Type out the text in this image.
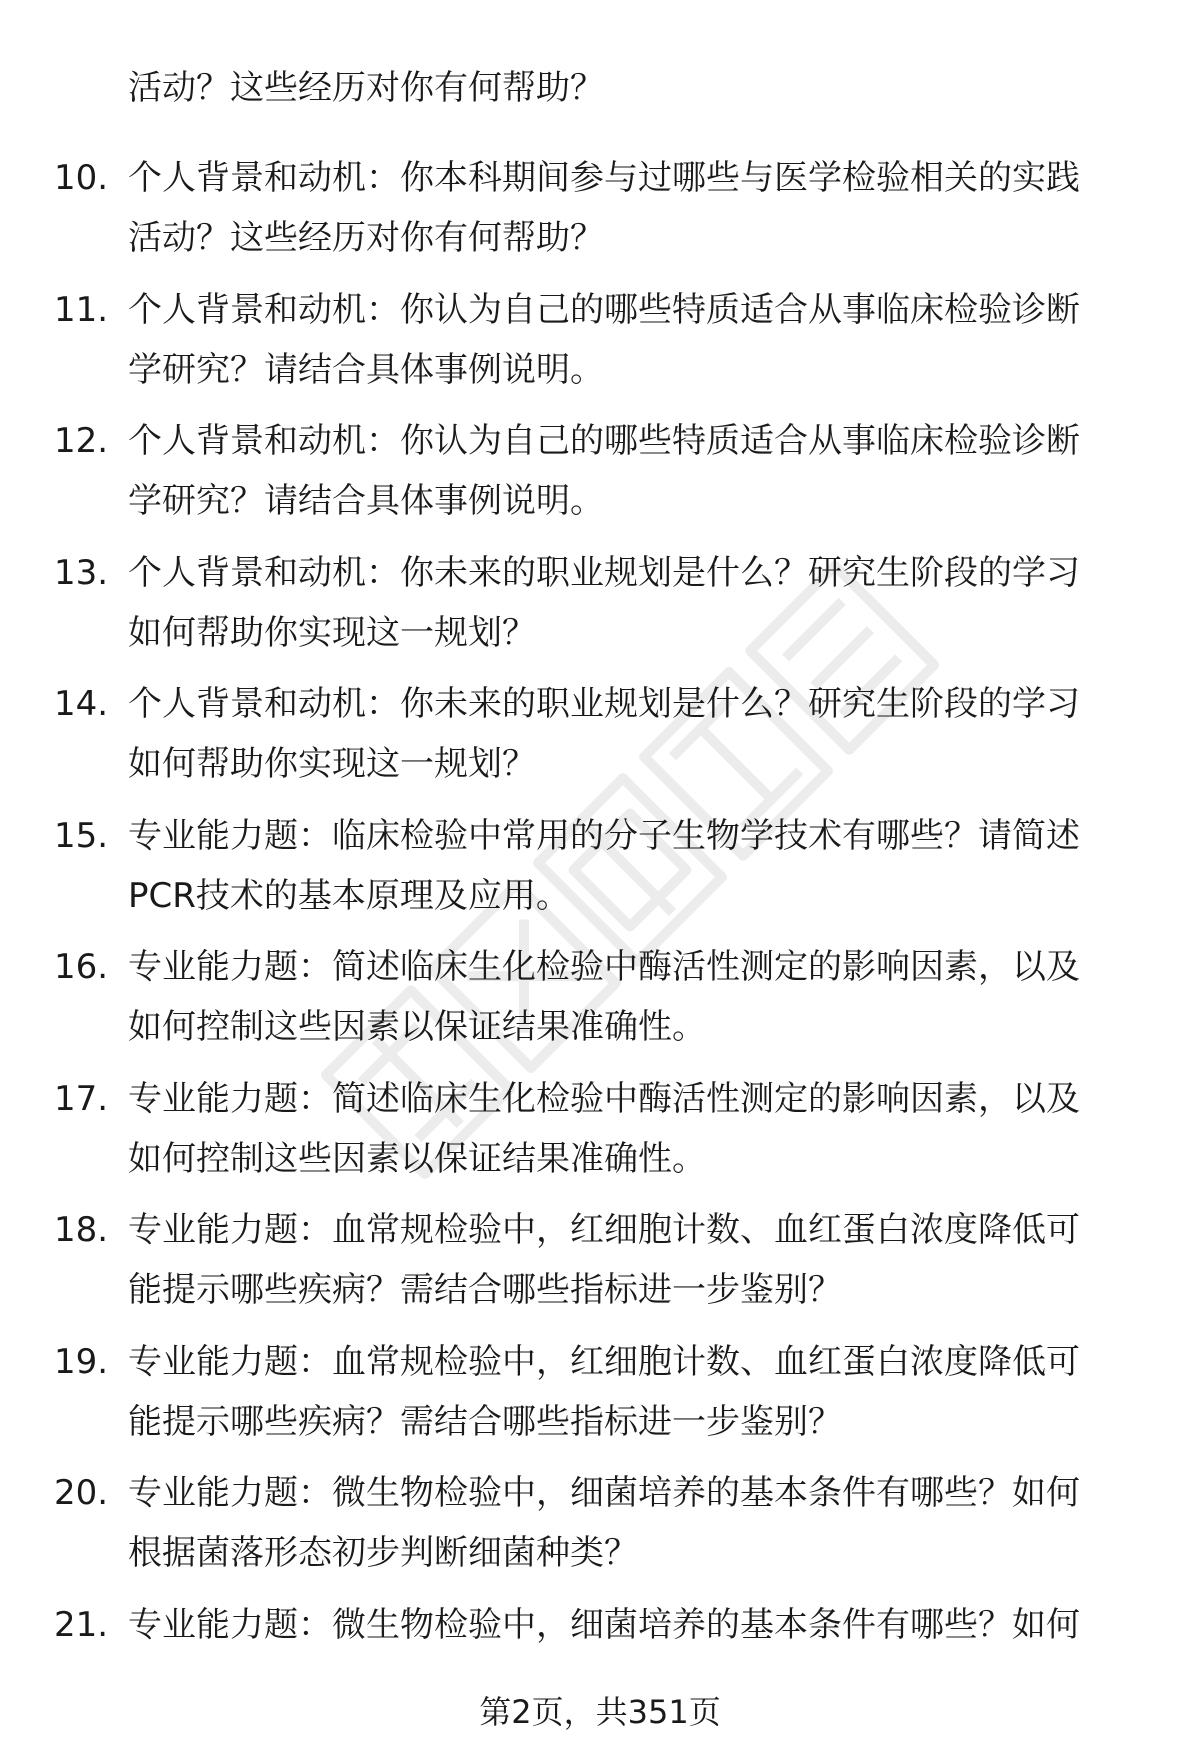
活动？这些经历对你有何帮助？
10. 个人背景和动机：你本科期间参与过哪些与医学检验相关的实践
活动？这些经历对你有何帮助？
11. 个人背景和动机：你认为自己的哪些特质适合从事临床检验诊断
学研究？请结合具体事例说明。
12. 个人背景和动机：你认为自己的哪些特质适合从事临床检验诊断
学研究？请结合具体事例说明。
13. 个人背景和动机：你未来的职业规划是什么？研究生阶段的学习
如何帮助你实现这一规划？
14. 个人背景和动机：你未来的职业规划是什么？研究生阶段的学习
如何帮助你实现这一规划？
15. 专业能力题：临床检验中常用的分子生物学技术有哪些？请简述
PCR技术的基本原理及应用。
16. 专业能力题：简述临床生化检验中酶活性测定的影响因素，以及
如何控制这些因素以保证结果准确性。
17. 专业能力题：简述临床生化检验中酶活性测定的影响因素，以及
如何控制这些因素以保证结果准确性。
18. 专业能力题：血常规检验中，红细胞计数、血红蛋白浓度降低可
能提示哪些疾病？需结合哪些指标进一步鉴别？
19. 专业能力题：血常规检验中，红细胞计数、血红蛋白浓度降低可
能提示哪些疾病？需结合哪些指标进一步鉴别？
20. 专业能力题：微生物检验中，细菌培养的基本条件有哪些？如何
根据菌落形态初步判断细菌种类？
21. 专业能力题：微生物检验中，细菌培养的基本条件有哪些？如何
第2页，共351页
